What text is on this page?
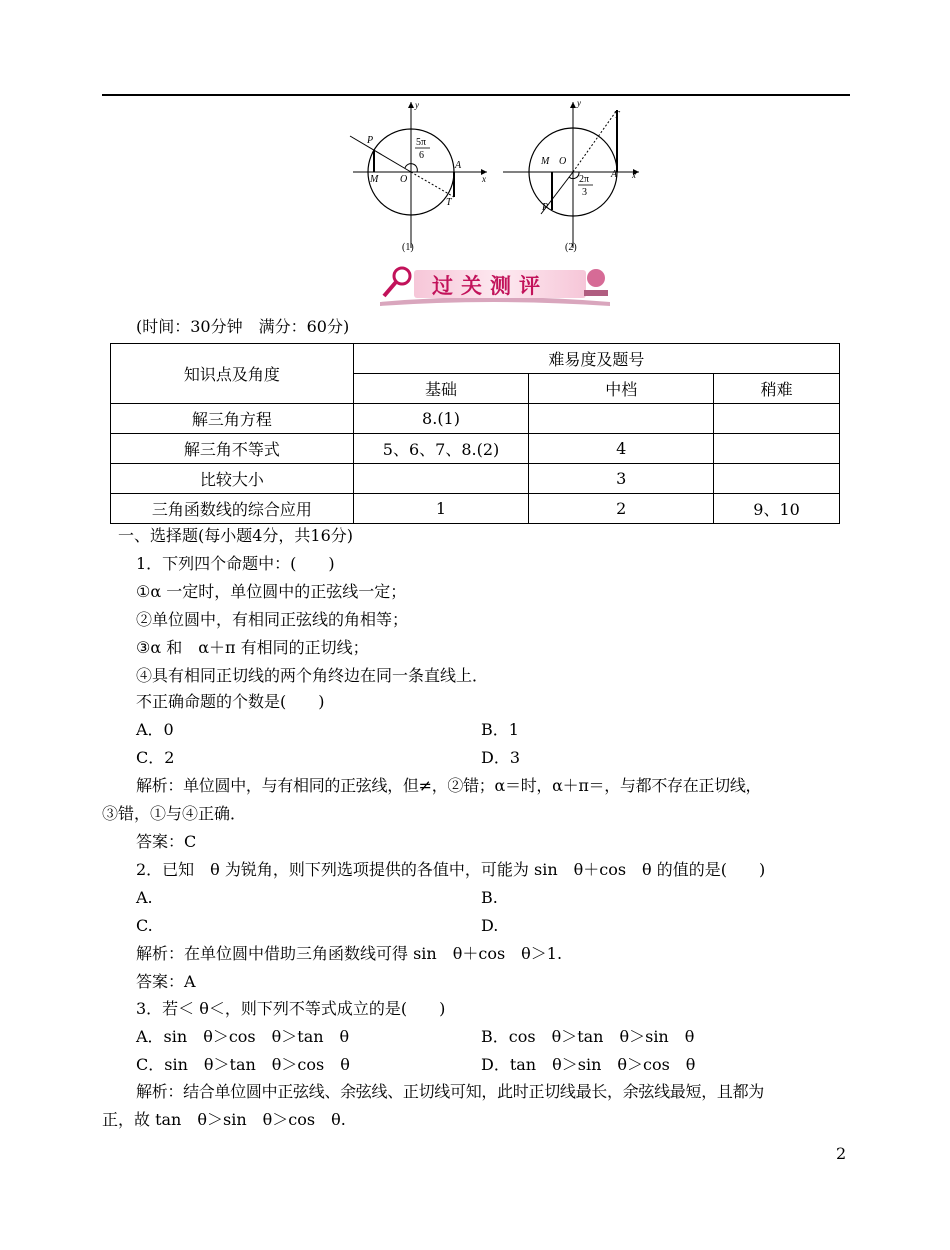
y
x
P
M O
A
T
5π
6
(1)
y
x
P
M O
A
T
2π
3
(2)
过关测评
(时间：30分钟　满分：60分)
知识点及角度	难易度及题号		
	基础	中档	稍难
解三角方程	8.(1)		
解三角不等式	5、6、7、8.(2)	4	
比较大小		3	
三角函数线的综合应用	1	2	9、10
一、选择题(每小题4分，共16分)
1．下列四个命题中：(　　)
①α 一定时，单位圆中的正弦线一定；
②单位圆中，有相同正弦线的角相等；
③α 和　α＋π 有相同的正切线；
④具有相同正切线的两个角终边在同一条直线上．
不正确命题的个数是(　　)
A．0	B．1
C．2	D．3
解析：单位圆中，与有相同的正弦线，但≠，②错；α＝时，α＋π＝，与都不存在正切线，
③错，①与④正确．
答案：C
2．已知　θ 为锐角，则下列选项提供的各值中，可能为 sin　θ＋cos　θ 的值的是(　　)
A.	B.
C.	D.
解析：在单位圆中借助三角函数线可得 sin　θ＋cos　θ＞1.
答案：A
3．若＜ θ＜，则下列不等式成立的是(　　)
A．sin　θ＞cos　θ＞tan　θ	B．cos　θ＞tan　θ＞sin　θ
C．sin　θ＞tan　θ＞cos　θ	D．tan　θ＞sin　θ＞cos　θ
解析：结合单位圆中正弦线、余弦线、正切线可知，此时正切线最长，余弦线最短，且都为
正，故 tan　θ＞sin　θ＞cos　θ.
2
